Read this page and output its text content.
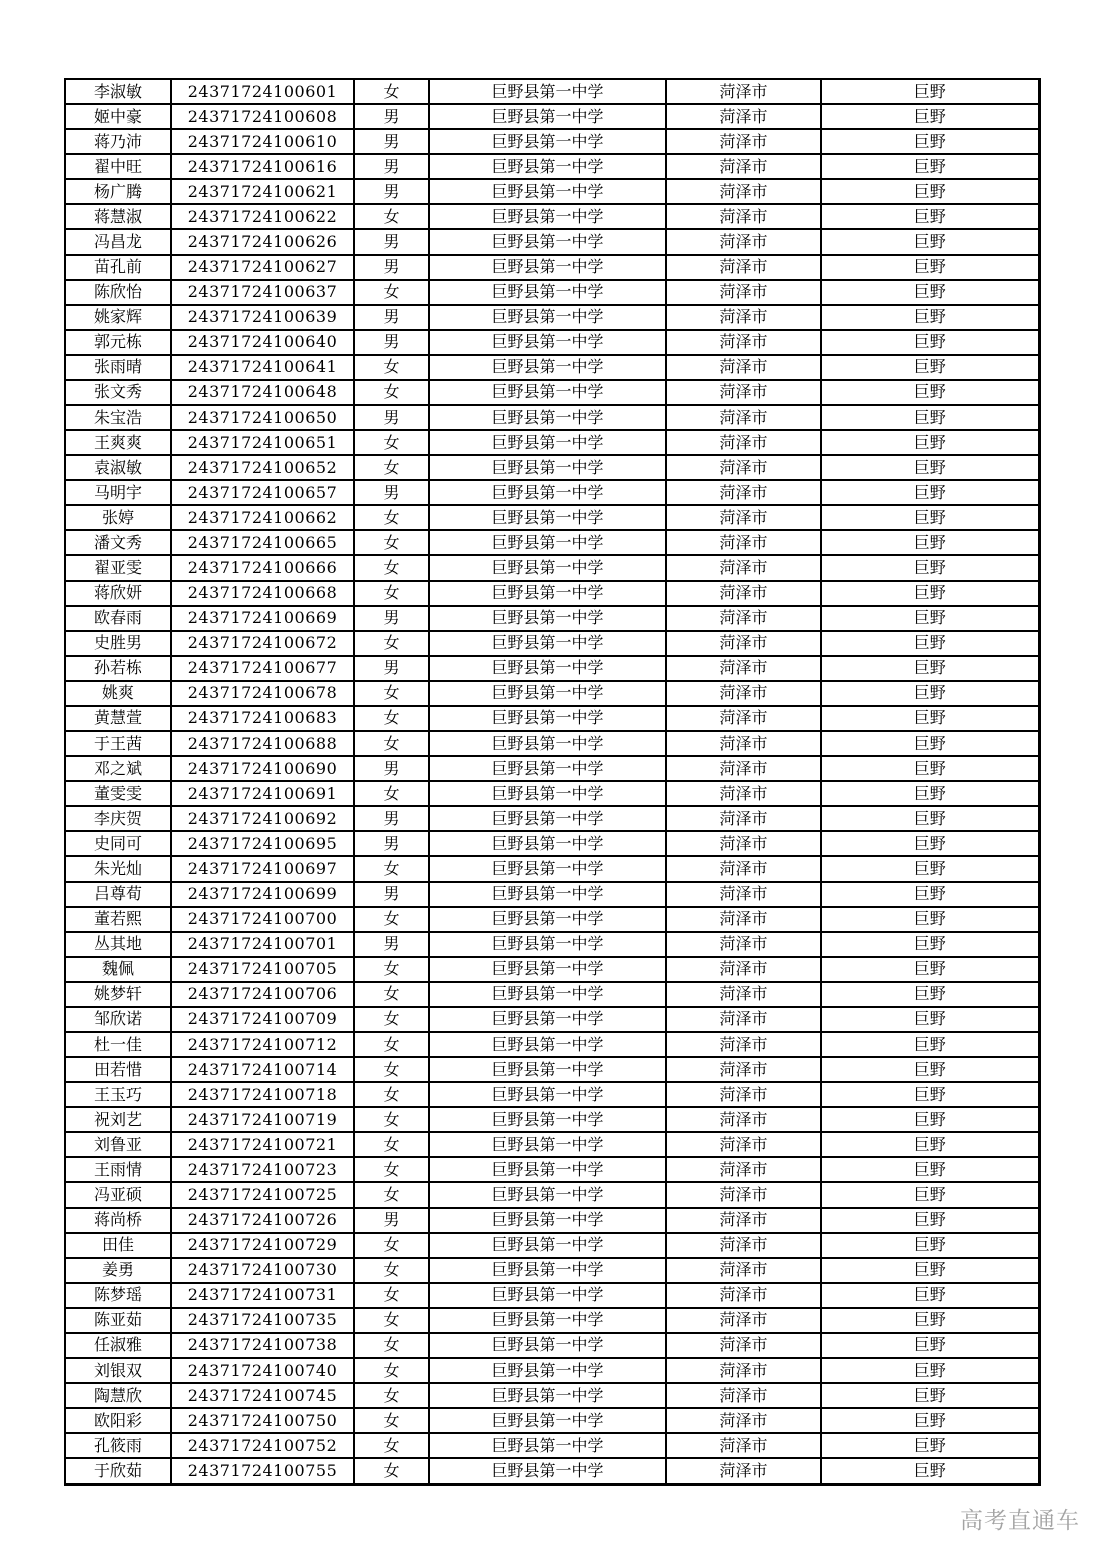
李淑敏	24371724100601	女	巨野县第一中学	菏泽市	巨野
姬中豪	24371724100608	男	巨野县第一中学	菏泽市	巨野
蒋乃沛	24371724100610	男	巨野县第一中学	菏泽市	巨野
翟中旺	24371724100616	男	巨野县第一中学	菏泽市	巨野
杨广腾	24371724100621	男	巨野县第一中学	菏泽市	巨野
蒋慧淑	24371724100622	女	巨野县第一中学	菏泽市	巨野
冯昌龙	24371724100626	男	巨野县第一中学	菏泽市	巨野
苗孔前	24371724100627	男	巨野县第一中学	菏泽市	巨野
陈欣怡	24371724100637	女	巨野县第一中学	菏泽市	巨野
姚家辉	24371724100639	男	巨野县第一中学	菏泽市	巨野
郭元栋	24371724100640	男	巨野县第一中学	菏泽市	巨野
张雨晴	24371724100641	女	巨野县第一中学	菏泽市	巨野
张文秀	24371724100648	女	巨野县第一中学	菏泽市	巨野
朱宝浩	24371724100650	男	巨野县第一中学	菏泽市	巨野
王爽爽	24371724100651	女	巨野县第一中学	菏泽市	巨野
袁淑敏	24371724100652	女	巨野县第一中学	菏泽市	巨野
马明宇	24371724100657	男	巨野县第一中学	菏泽市	巨野
张婷	24371724100662	女	巨野县第一中学	菏泽市	巨野
潘文秀	24371724100665	女	巨野县第一中学	菏泽市	巨野
翟亚雯	24371724100666	女	巨野县第一中学	菏泽市	巨野
蒋欣妍	24371724100668	女	巨野县第一中学	菏泽市	巨野
欧春雨	24371724100669	男	巨野县第一中学	菏泽市	巨野
史胜男	24371724100672	女	巨野县第一中学	菏泽市	巨野
孙若栋	24371724100677	男	巨野县第一中学	菏泽市	巨野
姚爽	24371724100678	女	巨野县第一中学	菏泽市	巨野
黄慧萱	24371724100683	女	巨野县第一中学	菏泽市	巨野
于王茜	24371724100688	女	巨野县第一中学	菏泽市	巨野
邓之斌	24371724100690	男	巨野县第一中学	菏泽市	巨野
董雯雯	24371724100691	女	巨野县第一中学	菏泽市	巨野
李庆贺	24371724100692	男	巨野县第一中学	菏泽市	巨野
史同可	24371724100695	男	巨野县第一中学	菏泽市	巨野
朱光灿	24371724100697	女	巨野县第一中学	菏泽市	巨野
吕尊荀	24371724100699	男	巨野县第一中学	菏泽市	巨野
董若熙	24371724100700	女	巨野县第一中学	菏泽市	巨野
丛其地	24371724100701	男	巨野县第一中学	菏泽市	巨野
魏佩	24371724100705	女	巨野县第一中学	菏泽市	巨野
姚梦轩	24371724100706	女	巨野县第一中学	菏泽市	巨野
邹欣诺	24371724100709	女	巨野县第一中学	菏泽市	巨野
杜一佳	24371724100712	女	巨野县第一中学	菏泽市	巨野
田若惜	24371724100714	女	巨野县第一中学	菏泽市	巨野
王玉巧	24371724100718	女	巨野县第一中学	菏泽市	巨野
祝刘艺	24371724100719	女	巨野县第一中学	菏泽市	巨野
刘鲁亚	24371724100721	女	巨野县第一中学	菏泽市	巨野
王雨情	24371724100723	女	巨野县第一中学	菏泽市	巨野
冯亚硕	24371724100725	女	巨野县第一中学	菏泽市	巨野
蒋尚桥	24371724100726	男	巨野县第一中学	菏泽市	巨野
田佳	24371724100729	女	巨野县第一中学	菏泽市	巨野
姜勇	24371724100730	女	巨野县第一中学	菏泽市	巨野
陈梦瑶	24371724100731	女	巨野县第一中学	菏泽市	巨野
陈亚茹	24371724100735	女	巨野县第一中学	菏泽市	巨野
任淑雅	24371724100738	女	巨野县第一中学	菏泽市	巨野
刘银双	24371724100740	女	巨野县第一中学	菏泽市	巨野
陶慧欣	24371724100745	女	巨野县第一中学	菏泽市	巨野
欧阳彩	24371724100750	女	巨野县第一中学	菏泽市	巨野
孔筱雨	24371724100752	女	巨野县第一中学	菏泽市	巨野
于欣茹	24371724100755	女	巨野县第一中学	菏泽市	巨野
高考直通车
